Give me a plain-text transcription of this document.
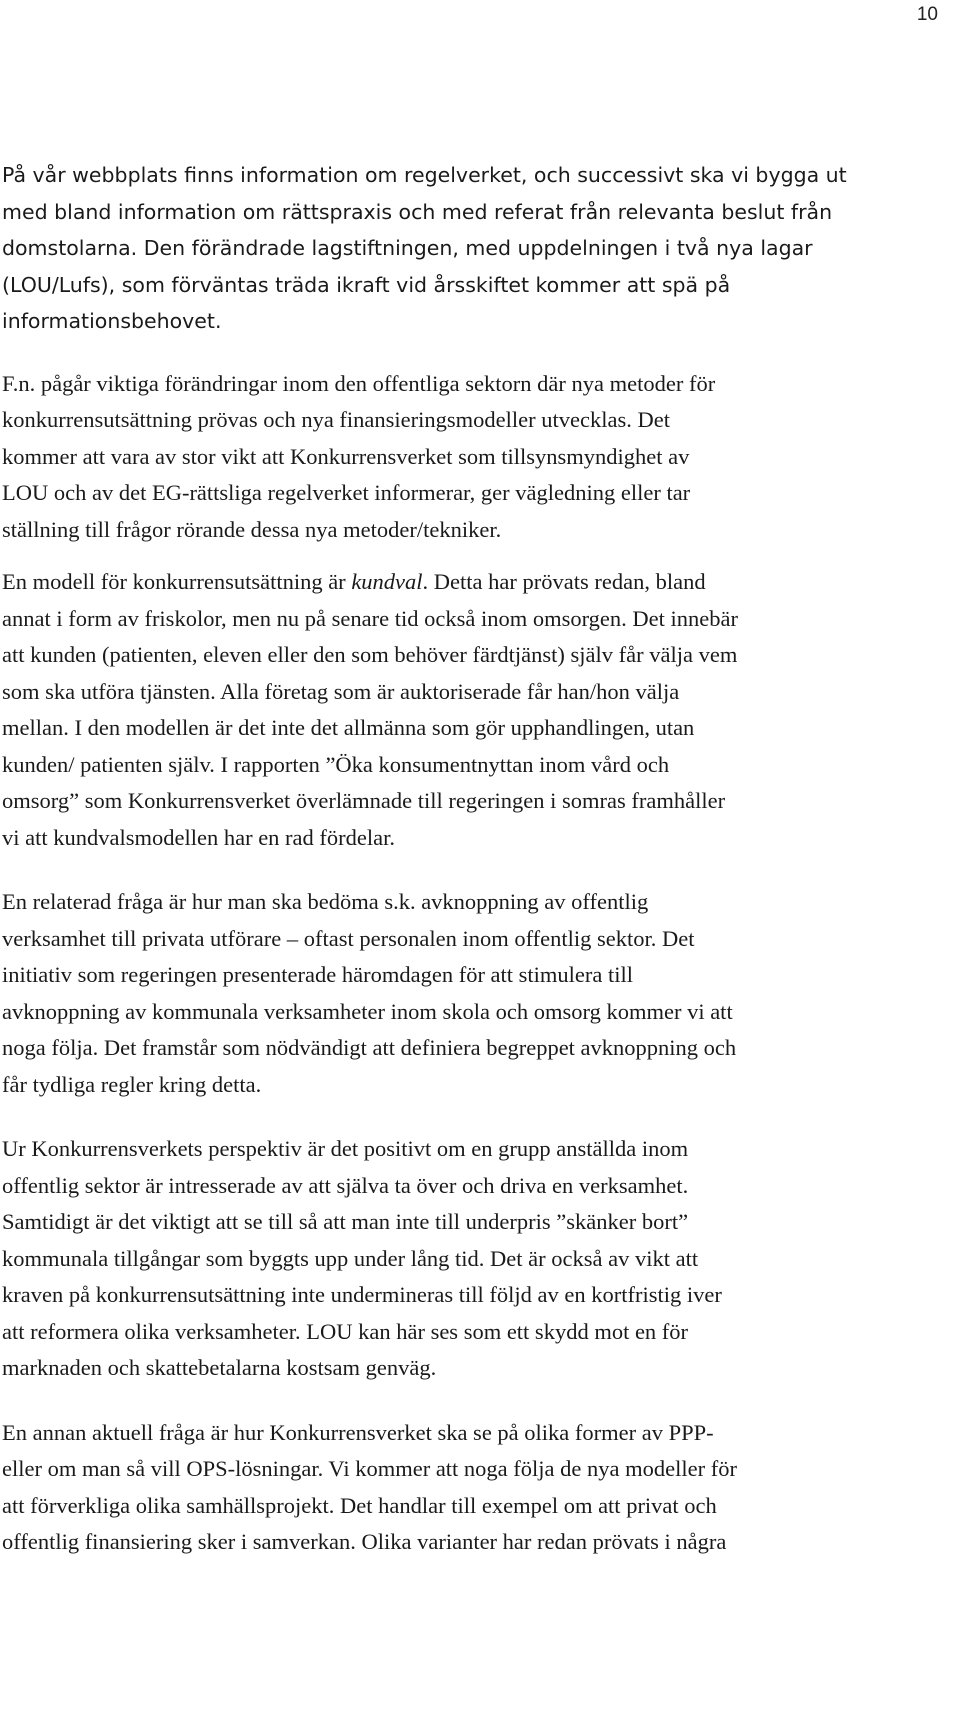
10

På vår webbplats finns information om regelverket, och successivt ska vi bygga ut
med bland information om rättspraxis och med referat från relevanta beslut från
domstolarna. Den förändrade lagstiftningen, med uppdelningen i två nya lagar
(LOU/Lufs), som förväntas träda ikraft vid årsskiftet kommer att spä på
informationsbehovet.

F.n. pågår viktiga förändringar inom den offentliga sektorn där nya metoder för
konkurrensutsättning prövas och nya finansieringsmodeller utvecklas. Det
kommer att vara av stor vikt att Konkurrensverket som tillsynsmyndighet av
LOU och av det EG-rättsliga regelverket informerar, ger vägledning eller tar
ställning till frågor rörande dessa nya metoder/tekniker.

En modell för konkurrensutsättning är kundval. Detta har prövats redan, bland
annat i form av friskolor, men nu på senare tid också inom omsorgen. Det innebär
att kunden (patienten, eleven eller den som behöver färdtjänst) själv får välja vem
som ska utföra tjänsten. Alla företag som är auktoriserade får han/hon välja
mellan. I den modellen är det inte det allmänna som gör upphandlingen, utan
kunden/ patienten själv. I rapporten ”Öka konsumentnyttan inom vård och
omsorg” som Konkurrensverket överlämnade till regeringen i somras framhåller
vi att kundvalsmodellen har en rad fördelar.

En relaterad fråga är hur man ska bedöma s.k. avknoppning av offentlig
verksamhet till privata utförare – oftast personalen inom offentlig sektor. Det
initiativ som regeringen presenterade häromdagen för att stimulera till
avknoppning av kommunala verksamheter inom skola och omsorg kommer vi att
noga följa. Det framstår som nödvändigt att definiera begreppet avknoppning och
får tydliga regler kring detta.

Ur Konkurrensverkets perspektiv är det positivt om en grupp anställda inom
offentlig sektor är intresserade av att själva ta över och driva en verksamhet.
Samtidigt är det viktigt att se till så att man inte till underpris ”skänker bort”
kommunala tillgångar som byggts upp under lång tid. Det är också av vikt att
kraven på konkurrensutsättning inte undermineras till följd av en kortfristig iver
att reformera olika verksamheter. LOU kan här ses som ett skydd mot en för
marknaden och skattebetalarna kostsam genväg.

En annan aktuell fråga är hur Konkurrensverket ska se på olika former av PPP-
eller om man så vill OPS-lösningar. Vi kommer att noga följa de nya modeller för
att förverkliga olika samhällsprojekt. Det handlar till exempel om att privat och
offentlig finansiering sker i samverkan. Olika varianter har redan prövats i några
